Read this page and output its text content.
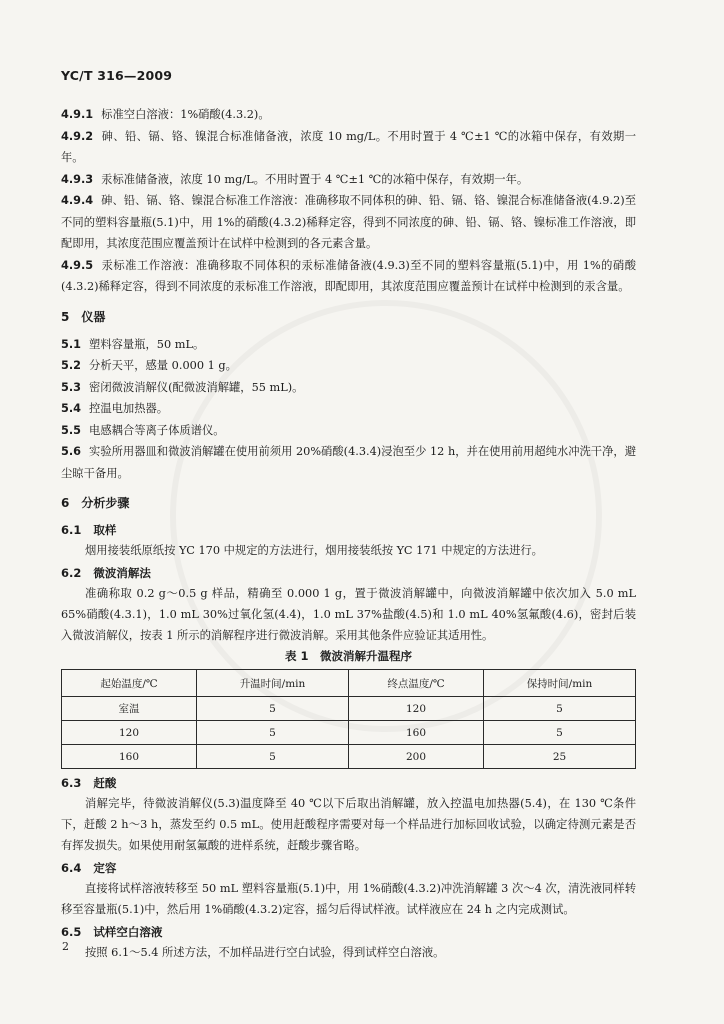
YC/T 316—2009

4.9.1 标准空白溶液：1%硝酸(4.3.2)。

4.9.2 砷、铅、镉、铬、镍混合标准储备液，浓度 10 mg/L。不用时置于 4 ℃±1 ℃的冰箱中保存，有效期一年。

4.9.3 汞标准储备液，浓度 10 mg/L。不用时置于 4 ℃±1 ℃的冰箱中保存，有效期一年。

4.9.4 砷、铅、镉、铬、镍混合标准工作溶液：准确移取不同体积的砷、铅、镉、铬、镍混合标准储备液(4.9.2)至不同的塑料容量瓶(5.1)中，用 1%的硝酸(4.3.2)稀释定容，得到不同浓度的砷、铅、镉、铬、镍标准工作溶液，即配即用，其浓度范围应覆盖预计在试样中检测到的各元素含量。

4.9.5 汞标准工作溶液：准确移取不同体积的汞标准储备液(4.9.3)至不同的塑料容量瓶(5.1)中，用 1%的硝酸(4.3.2)稀释定容，得到不同浓度的汞标准工作溶液，即配即用，其浓度范围应覆盖预计在试样中检测到的汞含量。

5 仪器

5.1 塑料容量瓶，50 mL。

5.2 分析天平，感量 0.000 1 g。

5.3 密闭微波消解仪(配微波消解罐，55 mL)。

5.4 控温电加热器。

5.5 电感耦合等离子体质谱仪。

5.6 实验所用器皿和微波消解罐在使用前须用 20%硝酸(4.3.4)浸泡至少 12 h，并在使用前用超纯水冲洗干净，避尘晾干备用。

6 分析步骤
6.1 取样

烟用接装纸原纸按 YC 170 中规定的方法进行，烟用接装纸按 YC 171 中规定的方法进行。

6.2 微波消解法

准确称取 0.2 g～0.5 g 样品，精确至 0.000 1 g，置于微波消解罐中，向微波消解罐中依次加入 5.0 mL 65%硝酸(4.3.1)，1.0 mL 30%过氧化氢(4.4)，1.0 mL 37%盐酸(4.5)和 1.0 mL 40%氢氟酸(4.6)，密封后装入微波消解仪，按表 1 所示的消解程序进行微波消解。采用其他条件应验证其适用性。

表 1　微波消解升温程序
起始温度/℃	升温时间/min	终点温度/℃	保持时间/min
室温	5	120	5
120	5	160	5
160	5	200	25
6.3 赶酸

消解完毕，待微波消解仪(5.3)温度降至 40 ℃以下后取出消解罐，放入控温电加热器(5.4)，在 130 ℃条件下，赶酸 2 h～3 h，蒸发至约 0.5 mL。使用赶酸程序需要对每一个样品进行加标回收试验，以确定待测元素是否有挥发损失。如果使用耐氢氟酸的进样系统，赶酸步骤省略。

6.4 定容

直接将试样溶液转移至 50 mL 塑料容量瓶(5.1)中，用 1%硝酸(4.3.2)冲洗消解罐 3 次～4 次，清洗液同样转移至容量瓶(5.1)中，然后用 1%硝酸(4.3.2)定容，摇匀后得试样液。试样液应在 24 h 之内完成测试。

6.5 试样空白溶液

按照 6.1～5.4 所述方法，不加样品进行空白试验，得到试样空白溶液。

2
